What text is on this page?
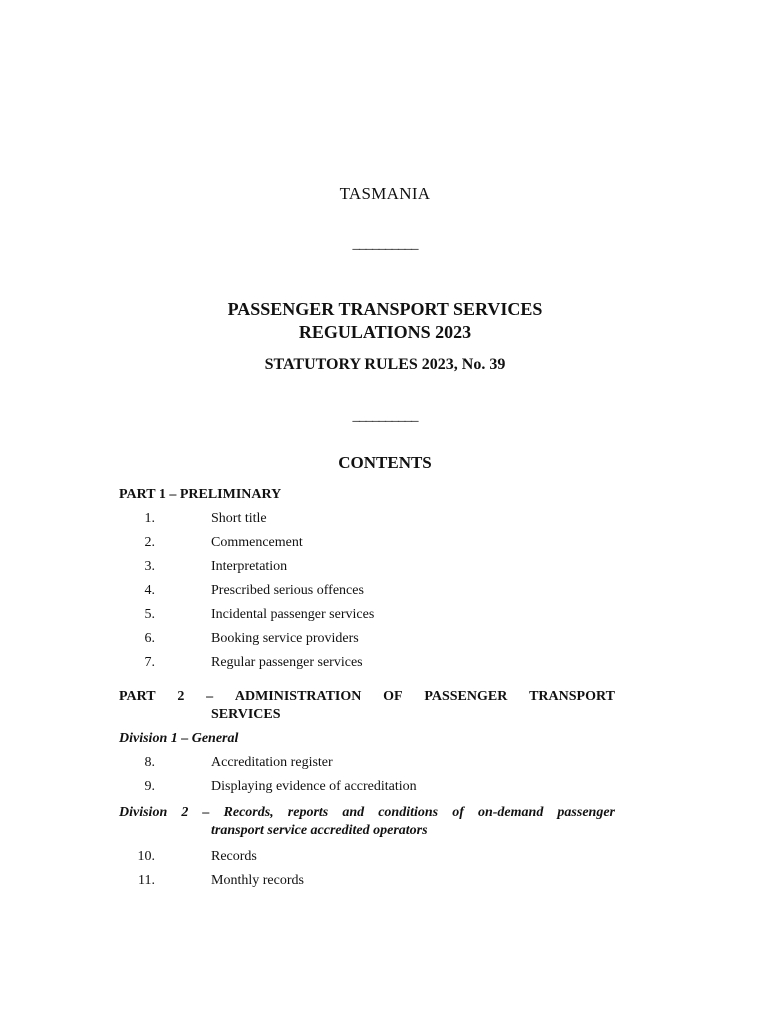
TASMANIA
__________
PASSENGER TRANSPORT SERVICES
REGULATIONS 2023
STATUTORY RULES 2023, No. 39
__________
CONTENTS
PART 1 – PRELIMINARY
1.	Short title
2.	Commencement
3.	Interpretation
4.	Prescribed serious offences
5.	Incidental passenger services
6.	Booking service providers
7.	Regular passenger services
PART 2 – ADMINISTRATION OF PASSENGER TRANSPORT
SERVICES
Division 1 – General
8.	Accreditation register
9.	Displaying evidence of accreditation
Division 2 – Records, reports and conditions of on-demand passenger
transport service accredited operators
10.	Records
11.	Monthly records
